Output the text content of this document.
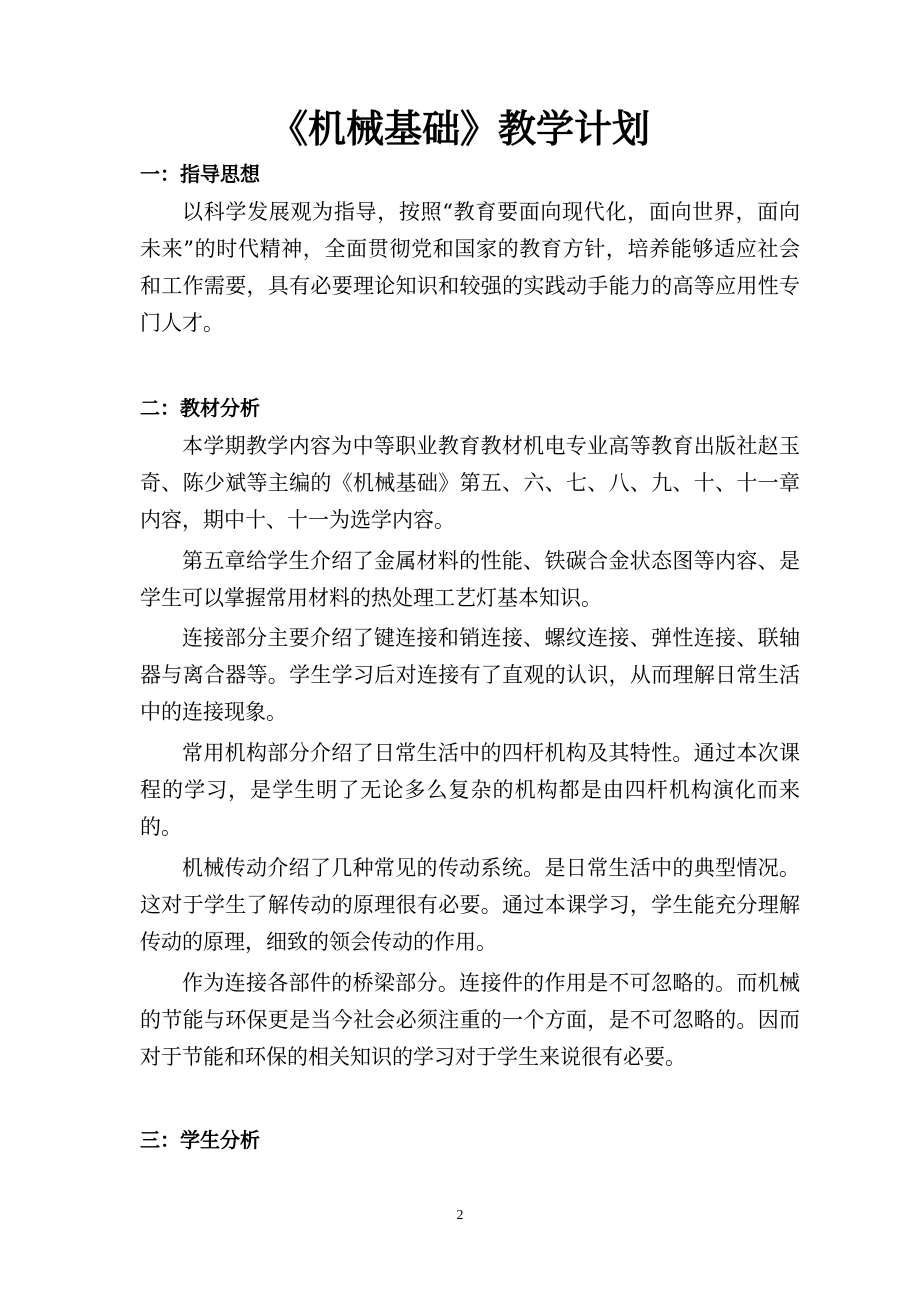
《机械基础》教学计划
一：指导思想

以科学发展观为指导，按照“教育要面向现代化，面向世界，面向未来”的时代精神，全面贯彻党和国家的教育方针，培养能够适应社会和工作需要，具有必要理论知识和较强的实践动手能力的高等应用性专门人才。

二：教材分析

本学期教学内容为中等职业教育教材机电专业高等教育出版社赵玉奇、陈少斌等主编的《机械基础》第五、六、七、八、九、十、十一章内容，期中十、十一为选学内容。

第五章给学生介绍了金属材料的性能、铁碳合金状态图等内容、是学生可以掌握常用材料的热处理工艺灯基本知识。

连接部分主要介绍了键连接和销连接、螺纹连接、弹性连接、联轴器与离合器等。学生学习后对连接有了直观的认识，从而理解日常生活中的连接现象。

常用机构部分介绍了日常生活中的四杆机构及其特性。通过本次课程的学习，是学生明了无论多么复杂的机构都是由四杆机构演化而来的。

机械传动介绍了几种常见的传动系统。是日常生活中的典型情况。这对于学生了解传动的原理很有必要。通过本课学习，学生能充分理解传动的原理，细致的领会传动的作用。

作为连接各部件的桥梁部分。连接件的作用是不可忽略的。而机械的节能与环保更是当今社会必须注重的一个方面，是不可忽略的。因而对于节能和环保的相关知识的学习对于学生来说很有必要。

三：学生分析
2
